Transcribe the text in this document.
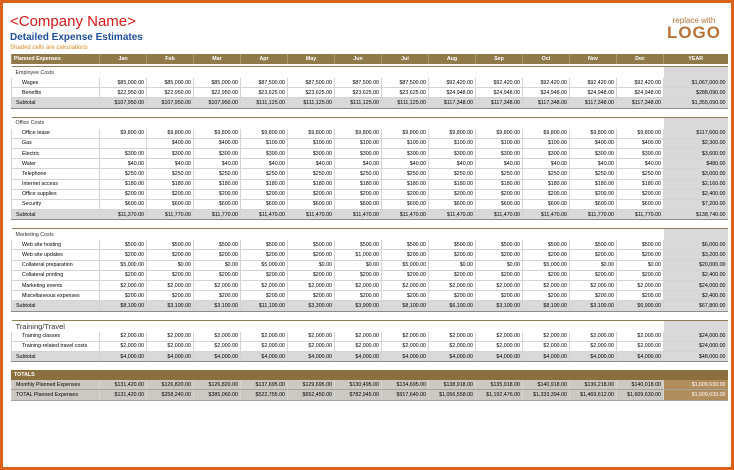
<Company Name>
Detailed Expense Estimates
Shaded cells are calculations
replace with
LOGO
Planned Expenses	Jan	Feb	Mar	Apr	May	Jun	Jul	Aug	Sep	Oct	Nov	Dec	YEAR

Employee Costs													
Wages	$85,000.00	$85,000.00	$85,000.00	$87,500.00	$87,500.00	$87,500.00	$87,500.00	$92,420.00	$92,420.00	$92,420.00	$92,420.00	$92,420.00	$1,067,000.00
Benefits	$22,950.00	$22,950.00	$22,950.00	$23,625.00	$23,625.00	$23,625.00	$23,625.00	$24,948.00	$24,948.00	$24,948.00	$24,948.00	$24,948.00	$288,090.00
Subtotal	$107,950.00	$107,950.00	$107,950.00	$111,125.00	$111,125.00	$111,125.00	$111,125.00	$117,348.00	$117,348.00	$117,348.00	$117,348.00	$117,348.00	$1,355,090.00

Office Costs													
Office lease	$9,800.00	$9,800.00	$9,800.00	$9,800.00	$9,800.00	$9,800.00	$9,800.00	$9,800.00	$9,800.00	$9,800.00	$9,800.00	$9,800.00	$117,600.00
Gas		$400.00	$400.00	$100.00	$100.00	$100.00	$100.00	$100.00	$100.00	$100.00	$400.00	$400.00	$2,300.00
Electric	$300.00	$300.00	$300.00	$300.00	$300.00	$300.00	$300.00	$300.00	$300.00	$300.00	$300.00	$300.00	$3,600.00
Water	$40.00	$40.00	$40.00	$40.00	$40.00	$40.00	$40.00	$40.00	$40.00	$40.00	$40.00	$40.00	$480.00
Telephone	$250.00	$250.00	$250.00	$250.00	$250.00	$250.00	$250.00	$250.00	$250.00	$250.00	$250.00	$250.00	$3,000.00
Internet access	$180.00	$180.00	$180.00	$180.00	$180.00	$180.00	$180.00	$180.00	$180.00	$180.00	$180.00	$180.00	$2,160.00
Office supplies	$200.00	$200.00	$200.00	$200.00	$200.00	$200.00	$200.00	$200.00	$200.00	$200.00	$200.00	$200.00	$2,400.00
Security	$600.00	$600.00	$600.00	$600.00	$600.00	$600.00	$600.00	$600.00	$600.00	$600.00	$600.00	$600.00	$7,200.00
Subtotal	$11,370.00	$11,770.00	$11,770.00	$11,470.00	$11,470.00	$11,470.00	$11,470.00	$11,470.00	$11,470.00	$11,470.00	$11,770.00	$11,770.00	$138,740.00

Marketing Costs													
Web site hosting	$500.00	$500.00	$500.00	$500.00	$500.00	$500.00	$500.00	$500.00	$500.00	$500.00	$500.00	$500.00	$6,000.00
Web site updates	$200.00	$200.00	$200.00	$200.00	$200.00	$1,000.00	$200.00	$200.00	$200.00	$200.00	$200.00	$200.00	$3,200.00
Collateral preparation	$5,000.00	$0.00	$0.00	$5,000.00	$0.00	$0.00	$5,000.00	$0.00	$0.00	$5,000.00	$0.00	$0.00	$20,000.00
Collateral printing	$200.00	$200.00	$200.00	$200.00	$200.00	$200.00	$200.00	$200.00	$200.00	$200.00	$200.00	$200.00	$2,400.00
Marketing events	$2,000.00	$2,000.00	$2,000.00	$2,000.00	$2,000.00	$2,000.00	$2,000.00	$2,000.00	$2,000.00	$2,000.00	$2,000.00	$2,000.00	$24,000.00
Miscellaneous expenses	$200.00	$200.00	$200.00	$200.00	$200.00	$200.00	$200.00	$200.00	$200.00	$200.00	$200.00	$200.00	$2,400.00
Subtotal	$8,100.00	$3,100.00	$3,100.00	$11,100.00	$3,300.00	$3,900.00	$8,100.00	$6,100.00	$3,100.00	$8,100.00	$3,100.00	$6,900.00	$67,800.00

Training/Travel													
Training classes	$2,000.00	$2,000.00	$2,000.00	$2,000.00	$2,000.00	$2,000.00	$2,000.00	$2,000.00	$2,000.00	$2,000.00	$2,000.00	$2,000.00	$24,000.00
Training-related travel costs	$2,000.00	$2,000.00	$2,000.00	$2,000.00	$2,000.00	$2,000.00	$2,000.00	$2,000.00	$2,000.00	$2,000.00	$2,000.00	$2,000.00	$24,000.00
Subtotal	$4,000.00	$4,000.00	$4,000.00	$4,000.00	$4,000.00	$4,000.00	$4,000.00	$4,000.00	$4,000.00	$4,000.00	$4,000.00	$4,000.00	$48,000.00

TOTALS													
Monthly Planned Expenses	$131,420.00	$126,820.00	$126,820.00	$137,695.00	$129,695.00	$130,495.00	$134,695.00	$138,918.00	$135,918.00	$140,918.00	$136,218.00	$140,018.00	$1,609,630.00
TOTAL Planned Expenses	$131,420.00	$258,240.00	$385,060.00	$522,755.00	$652,450.00	$782,945.00	$917,640.00	$1,056,558.00	$1,192,476.00	$1,333,394.00	$1,469,612.00	$1,609,630.00	$1,609,630.00
